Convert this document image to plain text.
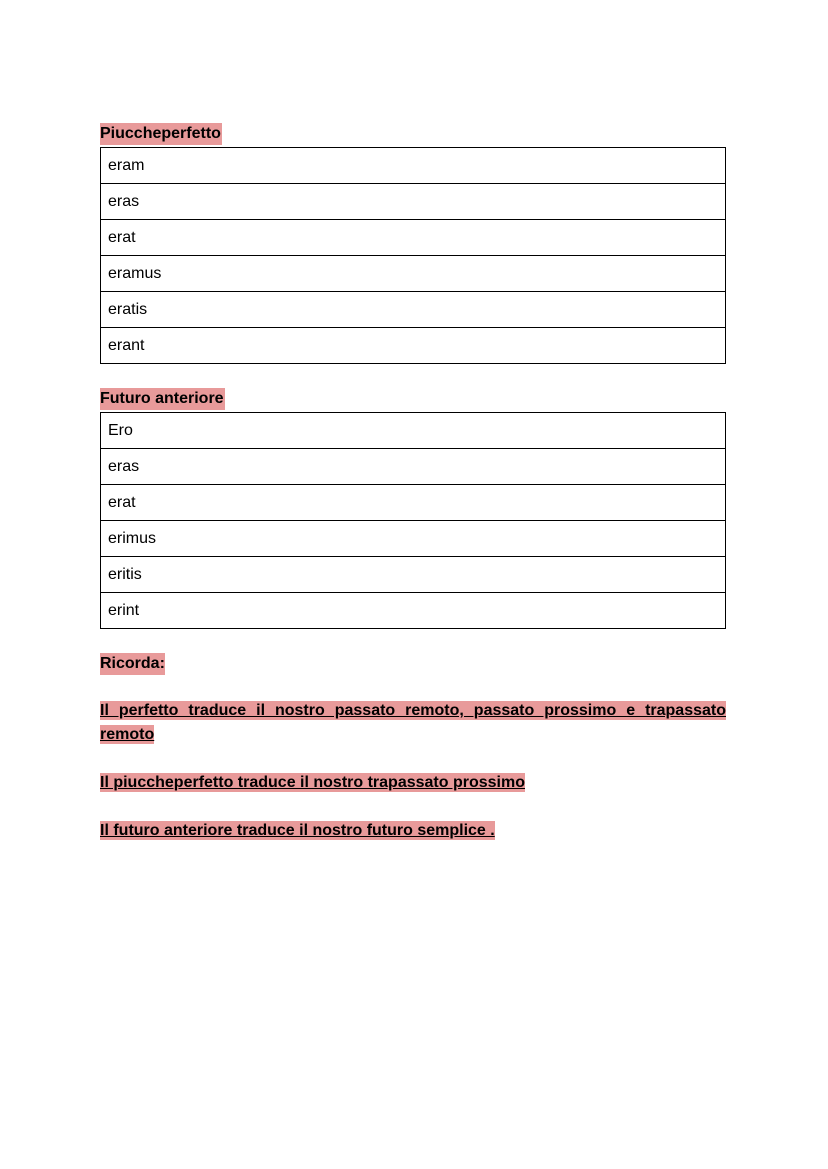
Piuccheperfetto
eram
eras
erat
eramus
eratis
erant
Futuro anteriore
Ero
eras
erat
erimus
eritis
erint
Ricorda:
Il perfetto traduce il nostro passato remoto, passato prossimo e trapassato remoto
Il piuccheperfetto traduce il nostro trapassato prossimo
Il futuro anteriore traduce il nostro futuro semplice .
